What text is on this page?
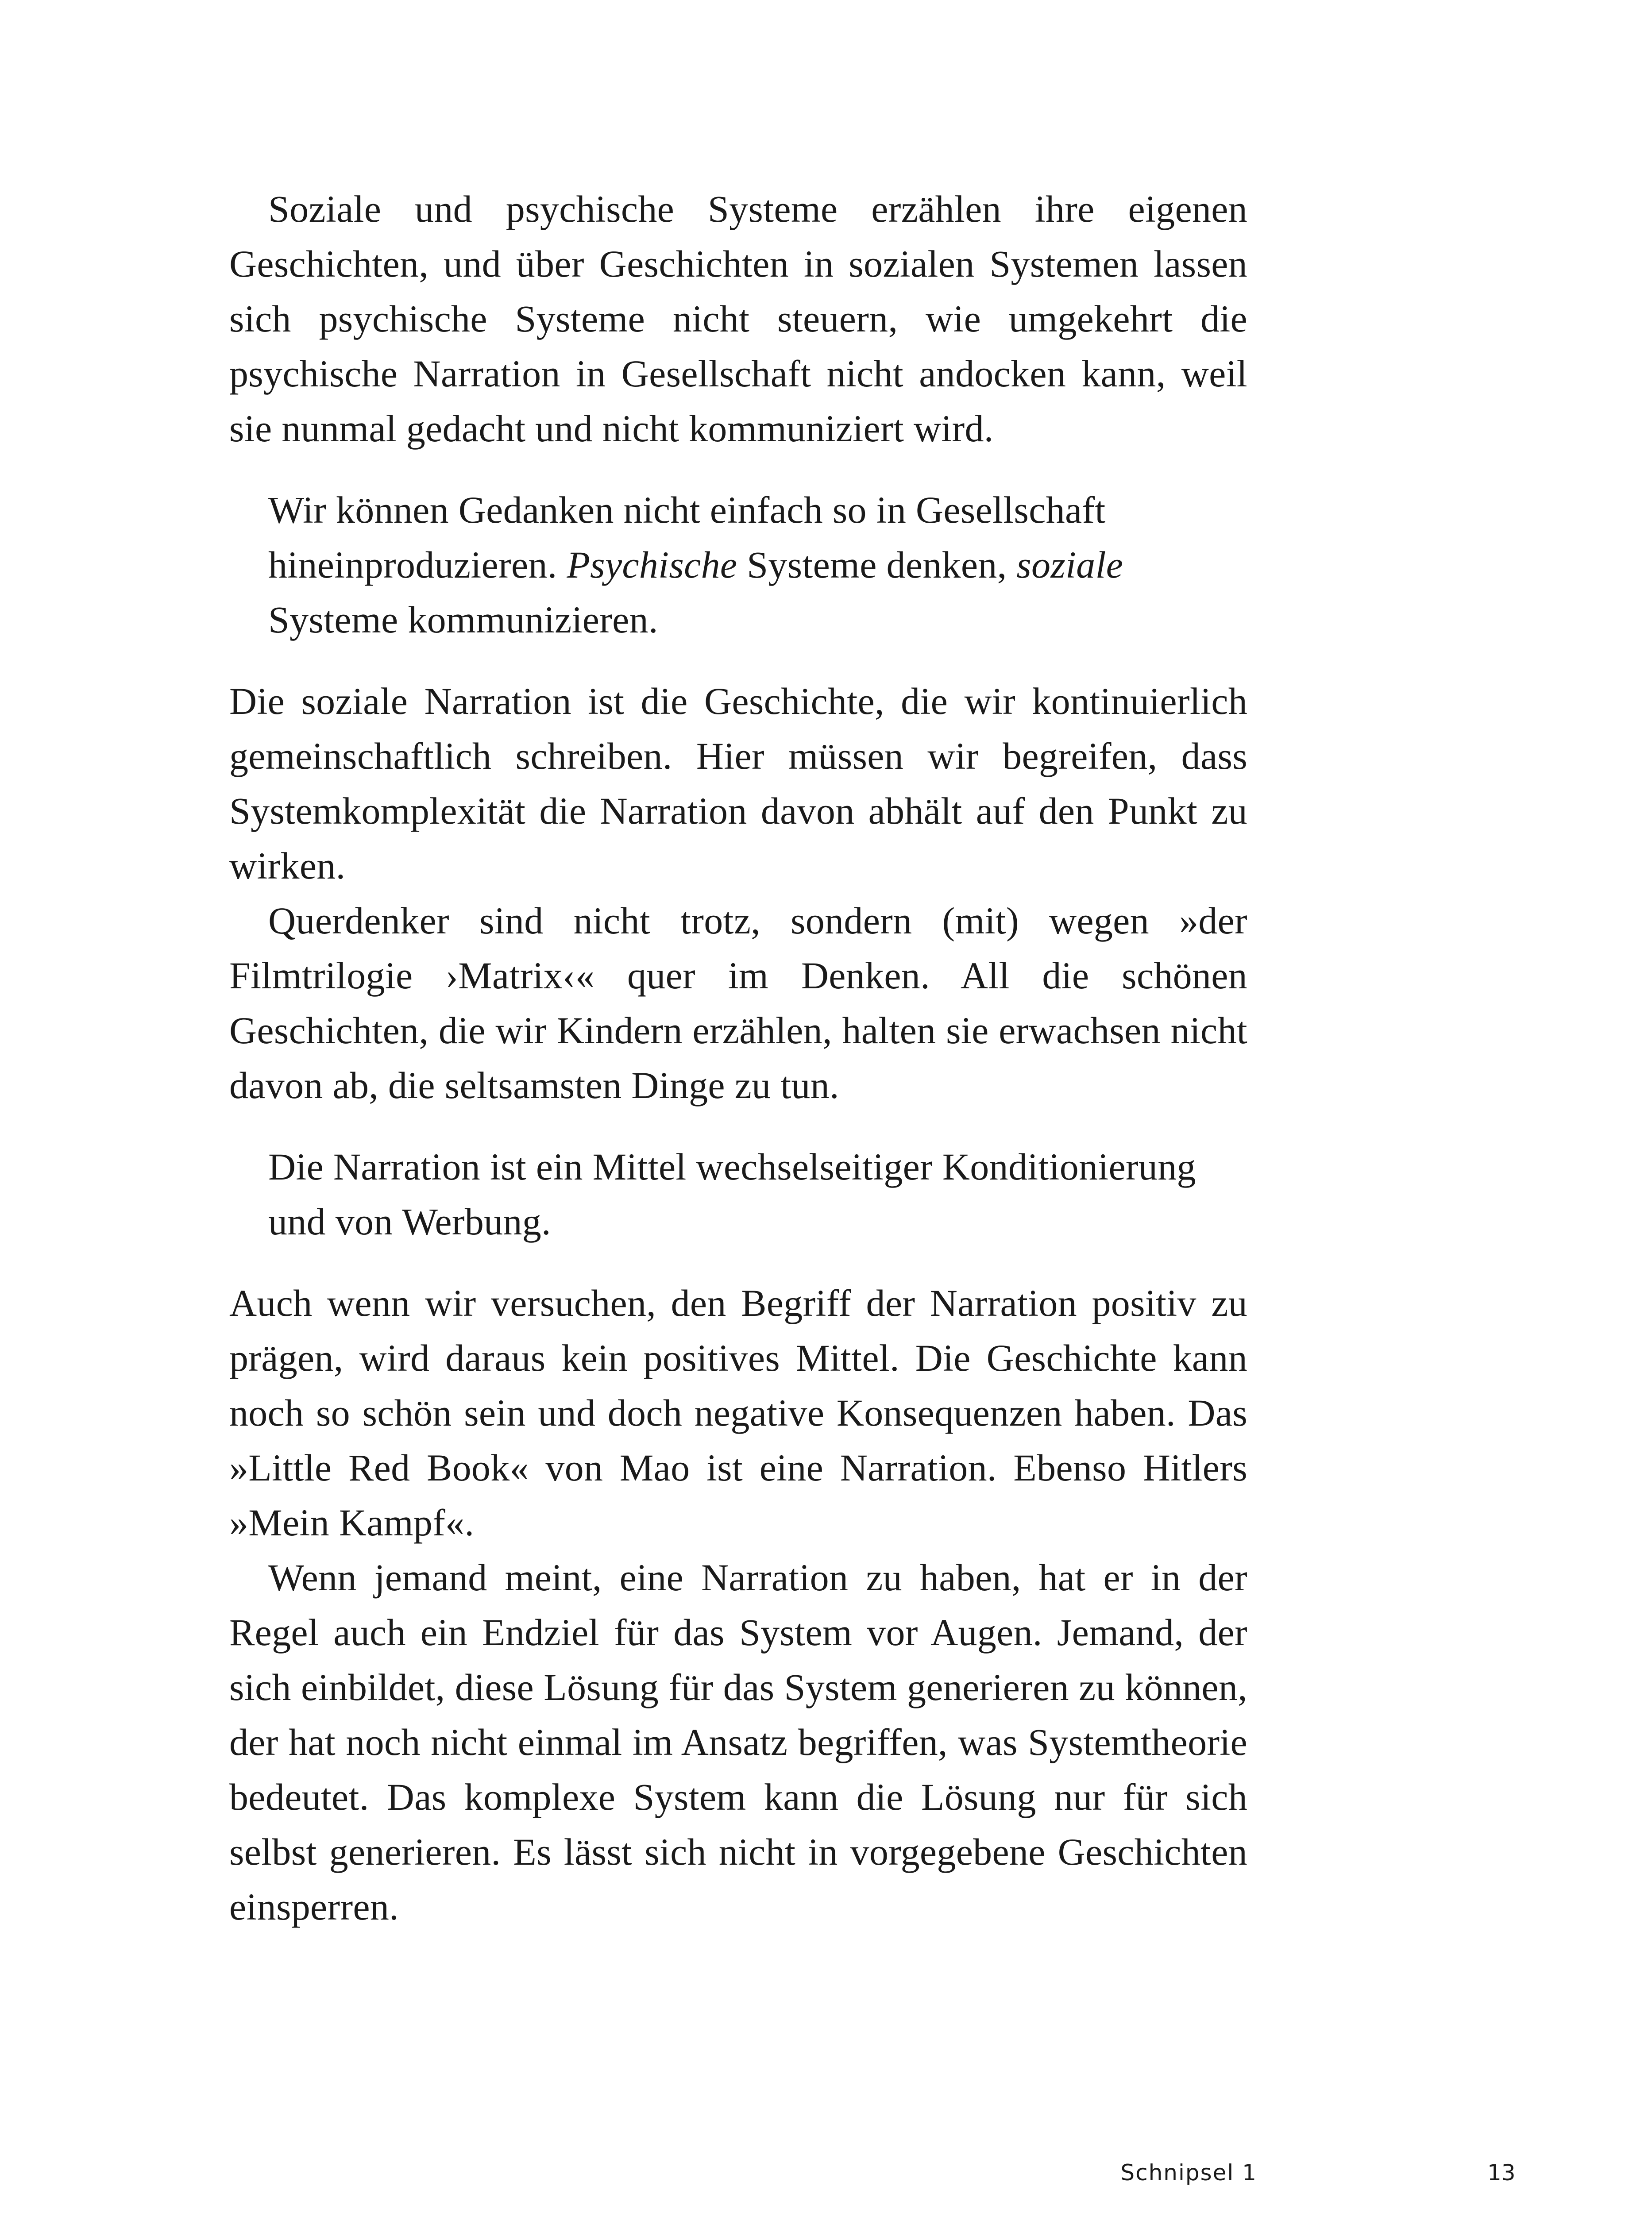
Soziale und psychische Systeme erzählen ihre eigenen Geschichten, und über Geschichten in sozialen Systemen lassen sich psychische Systeme nicht steuern, wie umgekehrt die psychische Narration in Gesellschaft nicht andocken kann, weil sie nunmal gedacht und nicht kommuniziert wird.

Wir können Gedanken nicht einfach so in Gesellschaft hineinproduzieren. Psychische Systeme denken, soziale Systeme kommunizieren.

Die soziale Narration ist die Geschichte, die wir kontinuierlich gemeinschaftlich schreiben. Hier müssen wir begreifen, dass Systemkomplexität die Narration davon abhält auf den Punkt zu wirken.

Querdenker sind nicht trotz, sondern (mit) wegen »der Filmtrilogie ›Matrix‹« quer im Denken. All die schönen Geschichten, die wir Kindern erzählen, halten sie erwachsen nicht davon ab, die seltsamsten Dinge zu tun.

Die Narration ist ein Mittel wechselseitiger Konditionierung und von Werbung.

Auch wenn wir versuchen, den Begriff der Narration positiv zu prägen, wird daraus kein positives Mittel. Die Geschichte kann noch so schön sein und doch negative Konsequenzen haben. Das »Little Red Book« von Mao ist eine Narration. Ebenso Hitlers »Mein Kampf«.

Wenn jemand meint, eine Narration zu haben, hat er in der Regel auch ein Endziel für das System vor Augen. Jemand, der sich einbildet, diese Lösung für das System generieren zu können, der hat noch nicht einmal im Ansatz begriffen, was Systemtheorie bedeutet. Das komplexe System kann die Lösung nur für sich selbst generieren. Es lässt sich nicht in vorgegebene Geschichten einsperren.

Schnipsel 1	13
